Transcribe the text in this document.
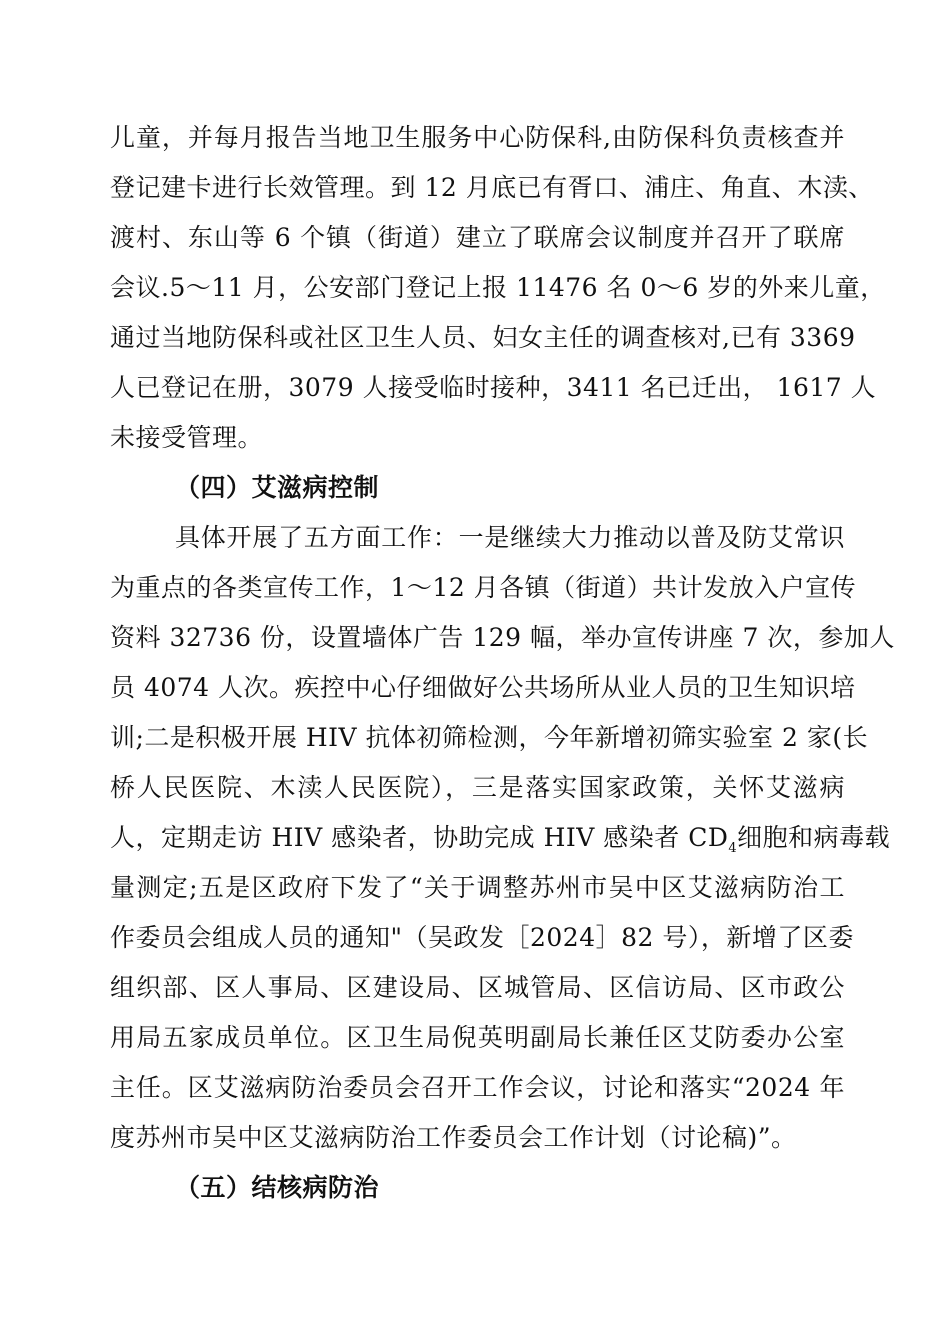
儿童，并每月报告当地卫生服务中心防保科,由防保科负责核查并
登记建卡进行长效管理。到 12 月底已有胥口、浦庄、角直、木渎、
渡村、东山等 6 个镇（街道）建立了联席会议制度并召开了联席
会议.5～11 月，公安部门登记上报 11476 名 0～6 岁的外来儿童，
通过当地防保科或社区卫生人员、妇女主任的调查核对,已有 3369
人已登记在册，3079 人接受临时接种，3411 名已迁出， 1617 人
未接受管理。
（四）艾滋病控制
具体开展了五方面工作：一是继续大力推动以普及防艾常识
为重点的各类宣传工作，1～12 月各镇（街道）共计发放入户宣传
资料 32736 份，设置墙体广告 129 幅，举办宣传讲座 7 次，参加人
员 4074 人次。疾控中心仔细做好公共场所从业人员的卫生知识培
训;二是积极开展 HIV 抗体初筛检测，今年新增初筛实验室 2 家(长
桥人民医院、木渎人民医院），三是落实国家政策，关怀艾滋病
人，定期走访 HIV 感染者，协助完成 HIV 感染者 $CD_4$细胞和病毒载
量测定;五是区政府下发了“关于调整苏州市吴中区艾滋病防治工
作委员会组成人员的通知"（吴政发［2024］82 号），新增了区委
组织部、区人事局、区建设局、区城管局、区信访局、区市政公
用局五家成员单位。区卫生局倪英明副局长兼任区艾防委办公室
主任。区艾滋病防治委员会召开工作会议，讨论和落实“2024 年
度苏州市吴中区艾滋病防治工作委员会工作计划（讨论稿)”。
（五）结核病防治
